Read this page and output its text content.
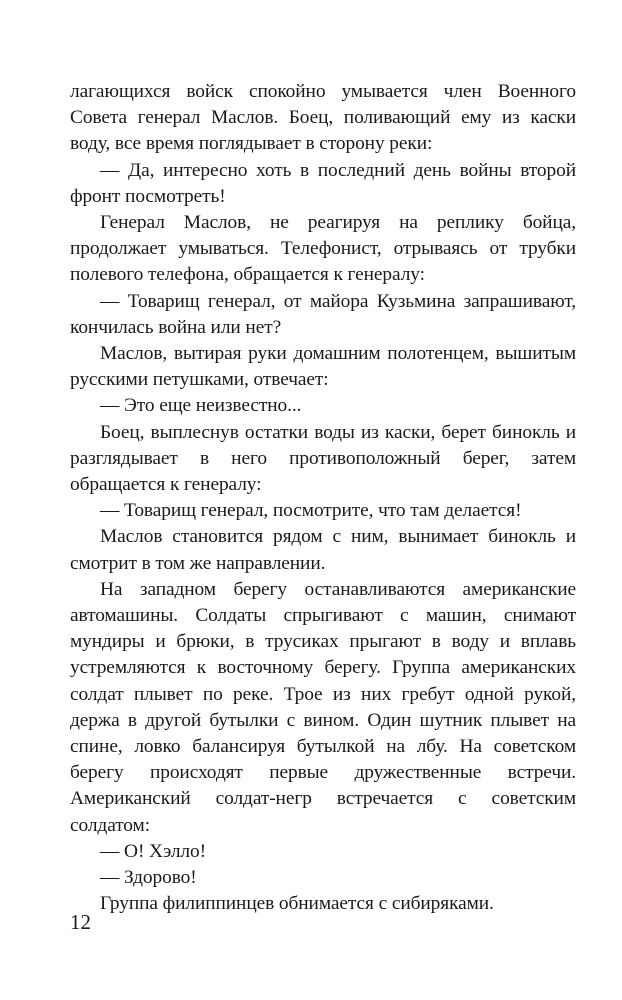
лагающихся войск спокойно умывается член Военного Совета генерал Маслов. Боец, поливающий ему из каски воду, все время поглядывает в сторону реки:

— Да, интересно хоть в последний день войны второй фронт посмотреть!

Генерал Маслов, не реагируя на реплику бойца, продолжает умываться. Телефонист, отрываясь от трубки полевого телефона, обращается к генералу:

— Товарищ генерал, от майора Кузьмина запрашивают, кончилась война или нет?

Маслов, вытирая руки домашним полотенцем, вышитым русскими петушками, отвечает:

— Это еще неизвестно...

Боец, выплеснув остатки воды из каски, берет бинокль и разглядывает в него противоположный берег, затем обращается к генералу:

— Товарищ генерал, посмотрите, что там делается!

Маслов становится рядом с ним, вынимает бинокль и смотрит в том же направлении.

На западном берегу останавливаются американские автомашины. Солдаты спрыгивают с машин, снимают мундиры и брюки, в трусиках прыгают в воду и вплавь устремляются к восточному берегу. Группа американских солдат плывет по реке. Трое из них гребут одной рукой, держа в другой бутылки с вином. Один шутник плывет на спине, ловко балансируя бутылкой на лбу. На советском берегу происходят первые дружественные встречи. Американский солдат-негр встречается с советским солдатом:

— О! Хэлло!

— Здорово!

Группа филиппинцев обнимается с сибиряками.

12
